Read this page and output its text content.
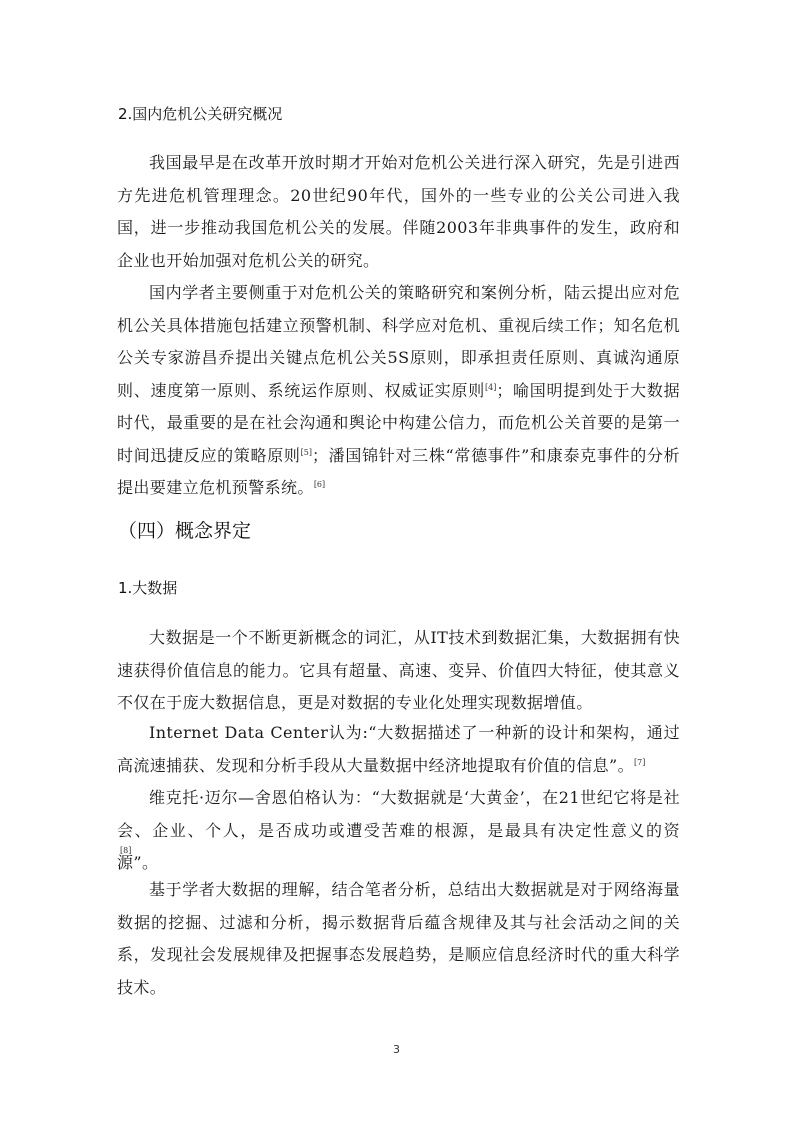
2.国内危机公关研究概况

我国最早是在改革开放时期才开始对危机公关进行深入研究，先是引进西方先进危机管理理念。20世纪90年代，国外的一些专业的公关公司进入我国，进一步推动我国危机公关的发展。伴随2003年非典事件的发生，政府和企业也开始加强对危机公关的研究。

国内学者主要侧重于对危机公关的策略研究和案例分析，陆云提出应对危机公关具体措施包括建立预警机制、科学应对危机、重视后续工作；知名危机公关专家游昌乔提出关键点危机公关5S原则，即承担责任原则、真诚沟通原则、速度第一原则、系统运作原则、权威证实原则[4]；喻国明提到处于大数据时代，最重要的是在社会沟通和舆论中构建公信力，而危机公关首要的是第一时间迅捷反应的策略原则[5]；潘国锦针对三株“常德事件”和康泰克事件的分析提出要建立危机预警系统。[6]

（四）概念界定
1.大数据

大数据是一个不断更新概念的词汇，从IT技术到数据汇集，大数据拥有快速获得价值信息的能力。它具有超量、高速、变异、价值四大特征，使其意义不仅在于庞大数据信息，更是对数据的专业化处理实现数据增值。

Internet Data Center认为:“大数据描述了一种新的设计和架构，通过高流速捕获、发现和分析手段从大量数据中经济地提取有价值的信息”。[7]

维克托·迈尔—舍恩伯格认为：“大数据就是‘大黄金’，在21世纪它将是社会、企业、个人，是否成功或遭受苦难的根源，是最具有决定性意义的资源”。

[8]

基于学者大数据的理解，结合笔者分析，总结出大数据就是对于网络海量数据的挖掘、过滤和分析，揭示数据背后蕴含规律及其与社会活动之间的关系，发现社会发展规律及把握事态发展趋势，是顺应信息经济时代的重大科学技术。

3
